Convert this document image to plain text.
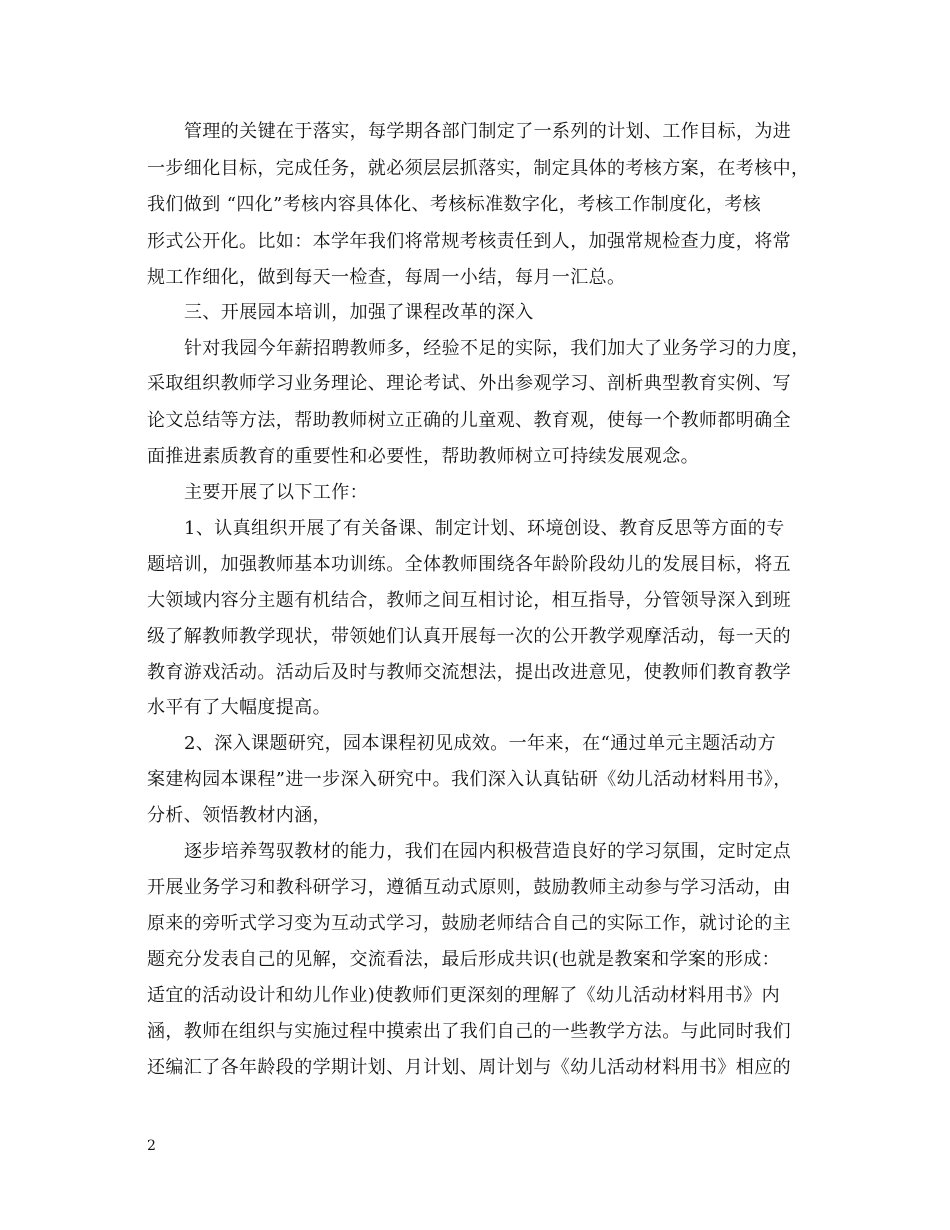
管理的关键在于落实，每学期各部门制定了一系列的计划、工作目标，为进
一步细化目标，完成任务，就必须层层抓落实，制定具体的考核方案，在考核中，
我们做到 “四化”考核内容具体化、考核标准数字化，考核工作制度化，考核
形式公开化。比如：本学年我们将常规考核责任到人，加强常规检查力度，将常
规工作细化，做到每天一检查，每周一小结，每月一汇总。
三、开展园本培训，加强了课程改革的深入
针对我园今年薪招聘教师多，经验不足的实际，我们加大了业务学习的力度，
采取组织教师学习业务理论、理论考试、外出参观学习、剖析典型教育实例、写
论文总结等方法，帮助教师树立正确的儿童观、教育观，使每一个教师都明确全
面推进素质教育的重要性和必要性，帮助教师树立可持续发展观念。
主要开展了以下工作：
1、认真组织开展了有关备课、制定计划、环境创设、教育反思等方面的专
题培训，加强教师基本功训练。全体教师围绕各年龄阶段幼儿的发展目标，将五
大领域内容分主题有机结合，教师之间互相讨论，相互指导，分管领导深入到班
级了解教师教学现状，带领她们认真开展每一次的公开教学观摩活动，每一天的
教育游戏活动。活动后及时与教师交流想法，提出改进意见，使教师们教育教学
水平有了大幅度提高。
2、深入课题研究，园本课程初见成效。一年来，在“通过单元主题活动方
案建构园本课程”进一步深入研究中。我们深入认真钻研《幼儿活动材料用书》，
分析、领悟教材内涵，
逐步培养驾驭教材的能力，我们在园内积极营造良好的学习氛围，定时定点
开展业务学习和教科研学习，遵循互动式原则，鼓励教师主动参与学习活动，由
原来的旁听式学习变为互动式学习，鼓励老师结合自己的实际工作，就讨论的主
题充分发表自己的见解，交流看法，最后形成共识(也就是教案和学案的形成：
适宜的活动设计和幼儿作业)使教师们更深刻的理解了《幼儿活动材料用书》内
涵，教师在组织与实施过程中摸索出了我们自己的一些教学方法。与此同时我们
还编汇了各年龄段的学期计划、月计划、周计划与《幼儿活动材料用书》相应的
2
